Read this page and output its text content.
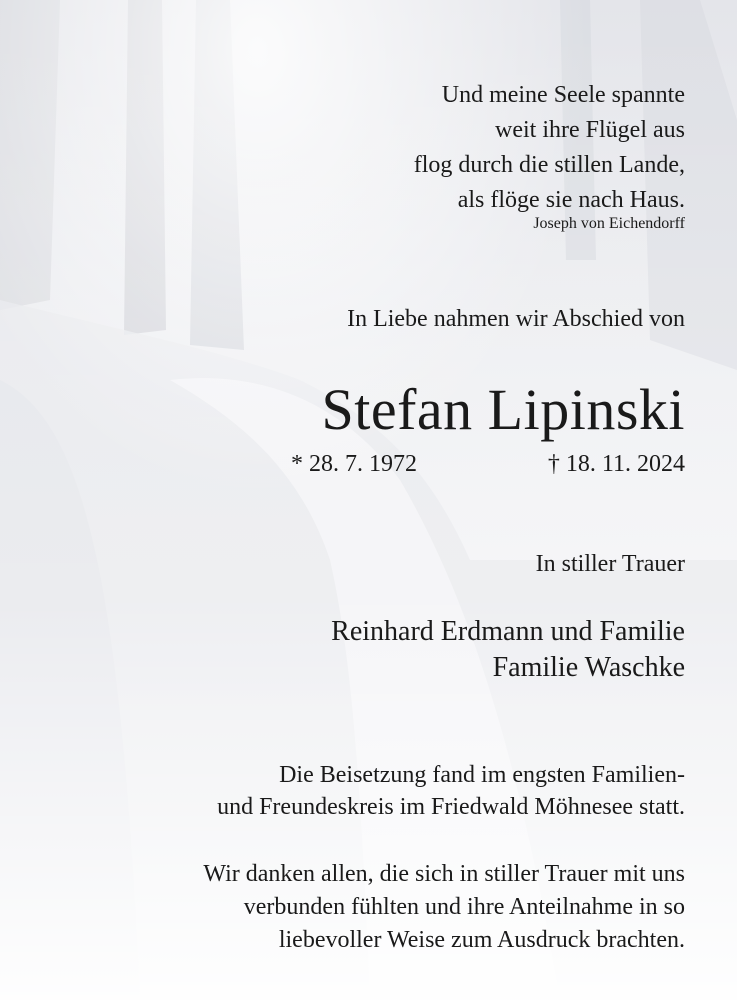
Und meine Seele spannte
weit ihre Flügel aus
flog durch die stillen Lande,
als flöge sie nach Haus.
Joseph von Eichendorff
In Liebe nahmen wir Abschied von
Stefan Lipinski
* 28. 7. 1972	† 18. 11. 2024
In stiller Trauer
Reinhard Erdmann und Familie
Familie Waschke
Die Beisetzung fand im engsten Familien-
und Freundeskreis im Friedwald Möhnesee statt.
Wir danken allen, die sich in stiller Trauer mit uns
verbunden fühlten und ihre Anteilnahme in so
liebevoller Weise zum Ausdruck brachten.
